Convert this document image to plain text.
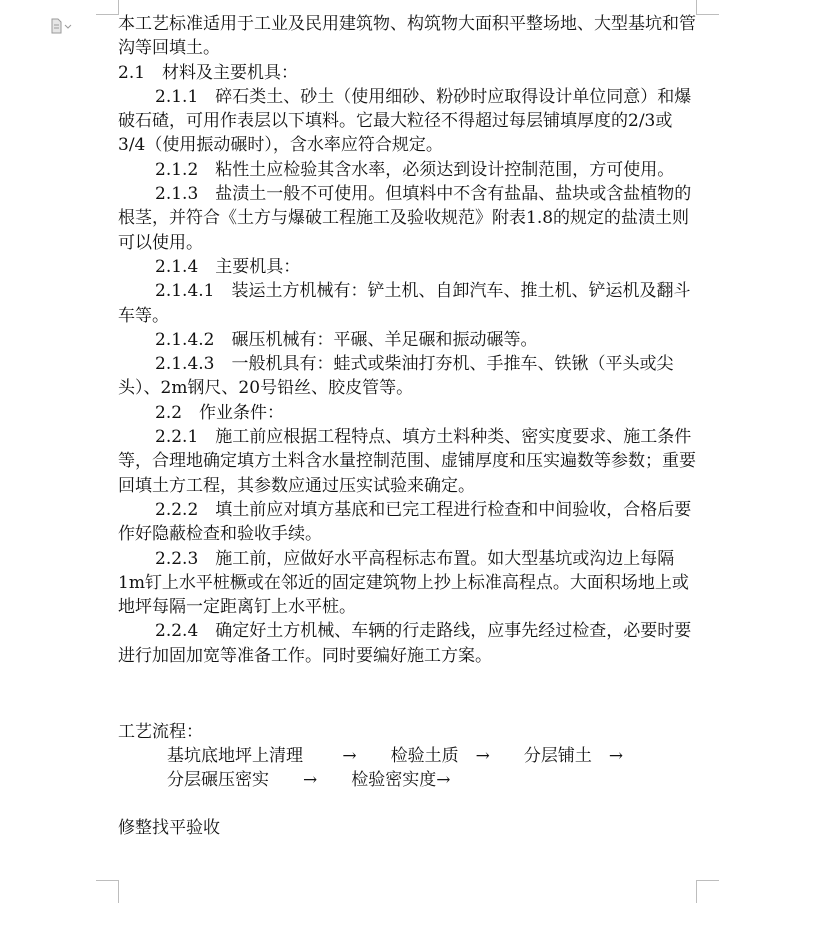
本工艺标准适用于工业及民用建筑物、构筑物大面积平整场地、大型基坑和管沟等回填土。

2.1　材料及主要机具：

2.1.1　碎石类土、砂土（使用细砂、粉砂时应取得设计单位同意）和爆破石碴，可用作表层以下填料。它最大粒径不得超过每层铺填厚度的2/3或3/4（使用振动碾时），含水率应符合规定。

2.1.2　粘性土应检验其含水率，必须达到设计控制范围，方可使用。

2.1.3　盐渍土一般不可使用。但填料中不含有盐晶、盐块或含盐植物的根茎，并符合《土方与爆破工程施工及验收规范》附表1.8的规定的盐渍土则可以使用。

2.1.4　主要机具：

2.1.4.1　装运土方机械有：铲土机、自卸汽车、推土机、铲运机及翻斗车等。

2.1.4.2　碾压机械有：平碾、羊足碾和振动碾等。

2.1.4.3　一般机具有：蛙式或柴油打夯机、手推车、铁锹（平头或尖头）、2m钢尺、20号铅丝、胶皮管等。

2.2　作业条件：

2.2.1　施工前应根据工程特点、填方土料种类、密实度要求、施工条件等，合理地确定填方土料含水量控制范围、虚铺厚度和压实遍数等参数；重要回填土方工程，其参数应通过压实试验来确定。

2.2.2　填土前应对填方基底和已完工程进行检查和中间验收，合格后要作好隐蔽检查和验收手续。

2.2.3　施工前，应做好水平高程标志布置。如大型基坑或沟边上每隔1m钉上水平桩橛或在邻近的固定建筑物上抄上标准高程点。大面积场地上或地坪每隔一定距离钉上水平桩。

2.2.4　确定好土方机械、车辆的行走路线，应事先经过检查，必要时要进行加固加宽等准备工作。同时要编好施工方案。

工艺流程：
基坑底地坪上清理　　 →　　检验土质　→　　分层铺土　→
分层碾压密实　　→　　检验密实度→
修整找平验收
